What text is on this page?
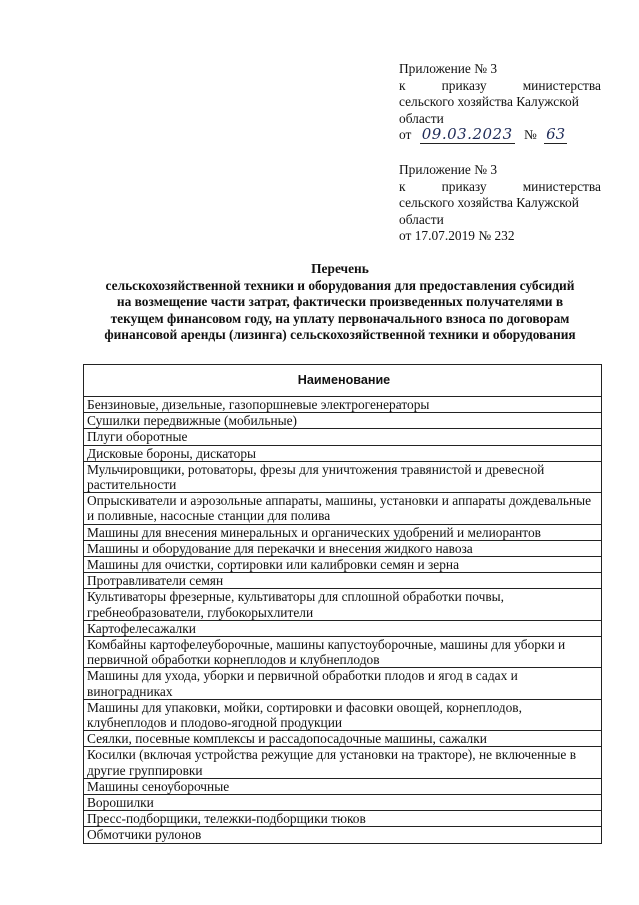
Приложение № 3
к	приказу	министерства
сельского хозяйства Калужской
области
от 09.03.2023 № 63
Приложение № 3
к	приказу	министерства
сельского хозяйства Калужской
области
от 17.07.2019 № 232
Перечень
сельскохозяйственной техники и оборудования для предоставления субсидий
на возмещение части затрат, фактически произведенных получателями в
текущем финансовом году, на уплату первоначального взноса по договорам
финансовой аренды (лизинга) сельскохозяйственной техники и оборудования
Наименование
Бензиновые, дизельные, газопоршневые электрогенераторы
Сушилки передвижные (мобильные)
Плуги оборотные
Дисковые бороны, дискаторы
Мульчировщики, ротоваторы, фрезы для уничтожения травянистой и древесной растительности
Опрыскиватели и аэрозольные аппараты, машины, установки и аппараты дождевальные и поливные, насосные станции для полива
Машины для внесения минеральных и органических удобрений и мелиорантов
Машины и оборудование для перекачки и внесения жидкого навоза
Машины для очистки, сортировки или калибровки семян и зерна
Протравливатели семян
Культиваторы фрезерные, культиваторы для сплошной обработки почвы, гребнеобразователи, глубокорыхлители
Картофелесажалки
Комбайны картофелеуборочные, машины капустоуборочные, машины для уборки и первичной обработки корнеплодов и клубнеплодов
Машины для ухода, уборки и первичной обработки плодов и ягод в садах и виноградниках
Машины для упаковки, мойки, сортировки и фасовки овощей, корнеплодов, клубнеплодов и плодово-ягодной продукции
Сеялки, посевные комплексы и рассадопосадочные машины, сажалки
Косилки (включая устройства режущие для установки на тракторе), не включенные в другие группировки
Машины сеноуборочные
Ворошилки
Пресс-подборщики, тележки-подборщики тюков
Обмотчики рулонов
